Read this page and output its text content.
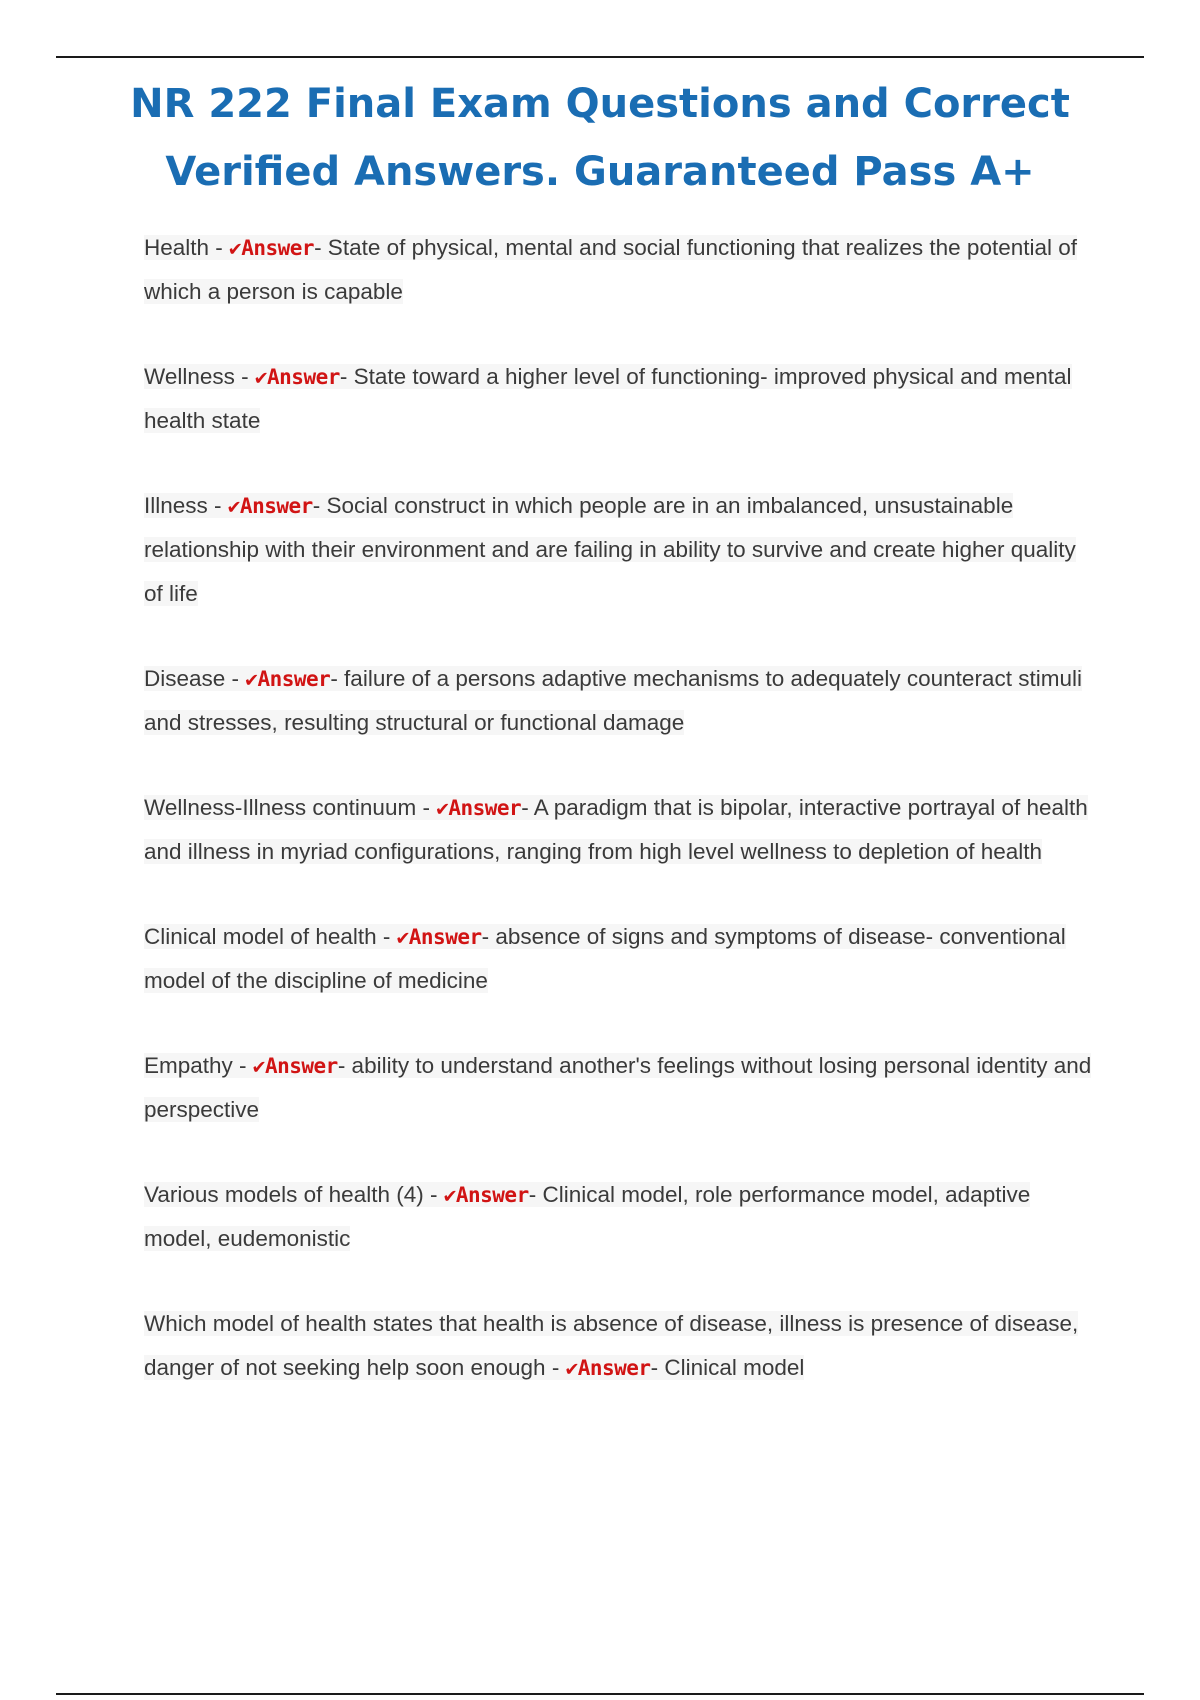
NR 222 Final Exam Questions and Correct
Verified Answers. Guaranteed Pass A+

Health - ✔Answer- State of physical, mental and social functioning that realizes the potential of which a person is capable

Wellness - ✔Answer- State toward a higher level of functioning- improved physical and mental health state

Illness - ✔Answer- Social construct in which people are in an imbalanced, unsustainable relationship with their environment and are failing in ability to survive and create higher quality of life

Disease - ✔Answer- failure of a persons adaptive mechanisms to adequately counteract stimuli and stresses, resulting structural or functional damage

Wellness-Illness continuum - ✔Answer- A paradigm that is bipolar, interactive portrayal of health and illness in myriad configurations, ranging from high level wellness to depletion of health

Clinical model of health - ✔Answer- absence of signs and symptoms of disease- conventional model of the discipline of medicine

Empathy - ✔Answer- ability to understand another's feelings without losing personal identity and perspective

Various models of health (4) - ✔Answer- Clinical model, role performance model, adaptive model, eudemonistic

Which model of health states that health is absence of disease, illness is presence of disease, danger of not seeking help soon enough - ✔Answer- Clinical model
